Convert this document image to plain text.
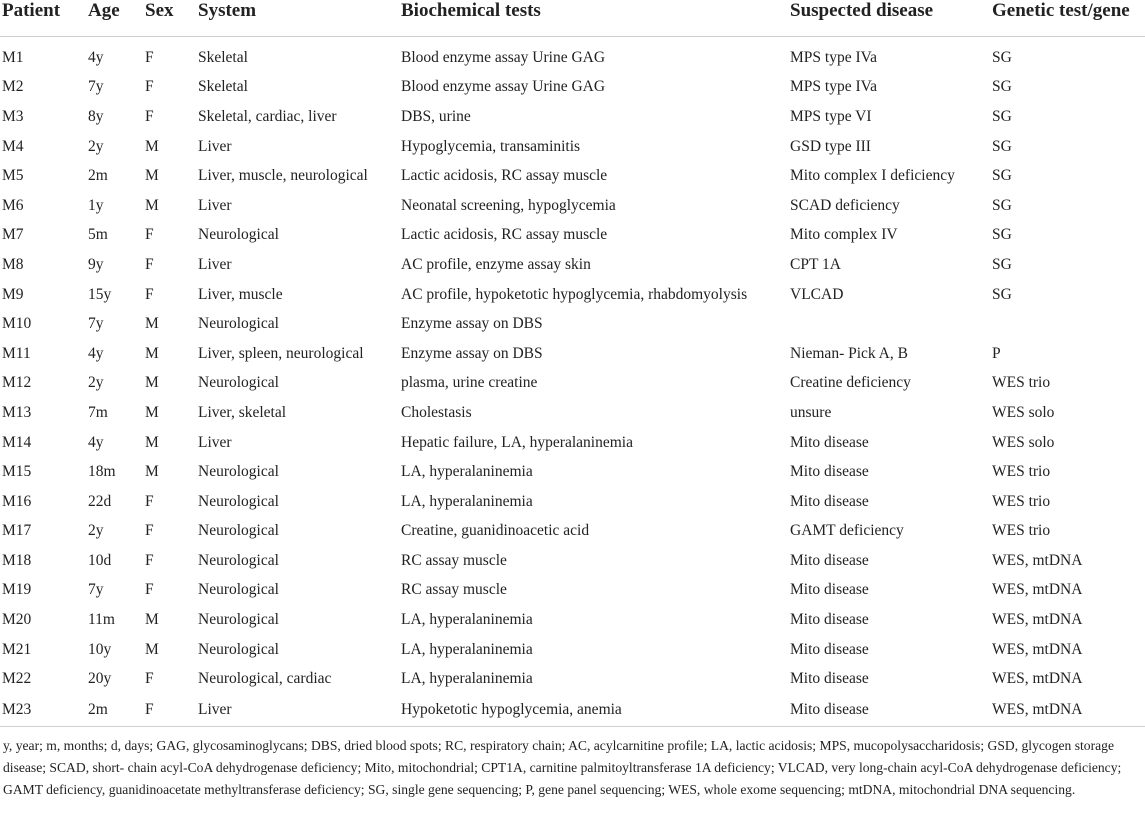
Patient	Age	Sex	System	Biochemical tests	Suspected disease	Genetic test/gene
M1	4y	F	Skeletal	Blood enzyme assay Urine GAG	MPS type IVa	SG
M2	7y	F	Skeletal	Blood enzyme assay Urine GAG	MPS type IVa	SG
M3	8y	F	Skeletal, cardiac, liver	DBS, urine	MPS type VI	SG
M4	2y	M	Liver	Hypoglycemia, transaminitis	GSD type III	SG
M5	2m	M	Liver, muscle, neurological	Lactic acidosis, RC assay muscle	Mito complex I deficiency	SG
M6	1y	M	Liver	Neonatal screening, hypoglycemia	SCAD deficiency	SG
M7	5m	F	Neurological	Lactic acidosis, RC assay muscle	Mito complex IV	SG
M8	9y	F	Liver	AC profile, enzyme assay skin	CPT 1A	SG
M9	15y	F	Liver, muscle	AC profile, hypoketotic hypoglycemia, rhabdomyolysis	VLCAD	SG
M10	7y	M	Neurological	Enzyme assay on DBS		
M11	4y	M	Liver, spleen, neurological	Enzyme assay on DBS	Nieman- Pick A, B	P
M12	2y	M	Neurological	plasma, urine creatine	Creatine deficiency	WES trio
M13	7m	M	Liver, skeletal	Cholestasis	unsure	WES solo
M14	4y	M	Liver	Hepatic failure, LA, hyperalaninemia	Mito disease	WES solo
M15	18m	M	Neurological	LA, hyperalaninemia	Mito disease	WES trio
M16	22d	F	Neurological	LA, hyperalaninemia	Mito disease	WES trio
M17	2y	F	Neurological	Creatine, guanidinoacetic acid	GAMT deficiency	WES trio
M18	10d	F	Neurological	RC assay muscle	Mito disease	WES, mtDNA
M19	7y	F	Neurological	RC assay muscle	Mito disease	WES, mtDNA
M20	11m	M	Neurological	LA, hyperalaninemia	Mito disease	WES, mtDNA
M21	10y	M	Neurological	LA, hyperalaninemia	Mito disease	WES, mtDNA
M22	20y	F	Neurological, cardiac	LA, hyperalaninemia	Mito disease	WES, mtDNA
M23	2m	F	Liver	Hypoketotic hypoglycemia, anemia	Mito disease	WES, mtDNA
y, year; m, months; d, days; GAG, glycosaminoglycans; DBS, dried blood spots; RC, respiratory chain; AC, acylcarnitine profile; LA, lactic acidosis; MPS, mucopolysaccharidosis; GSD, glycogen storage disease; SCAD, short- chain acyl-CoA dehydrogenase deficiency; Mito, mitochondrial; CPT1A, carnitine palmitoyltransferase 1A deficiency; VLCAD, very long-chain acyl-CoA dehydrogenase deficiency; GAMT deficiency, guanidinoacetate methyltransferase deficiency; SG, single gene sequencing; P, gene panel sequencing; WES, whole exome sequencing; mtDNA, mitochondrial DNA sequencing.
